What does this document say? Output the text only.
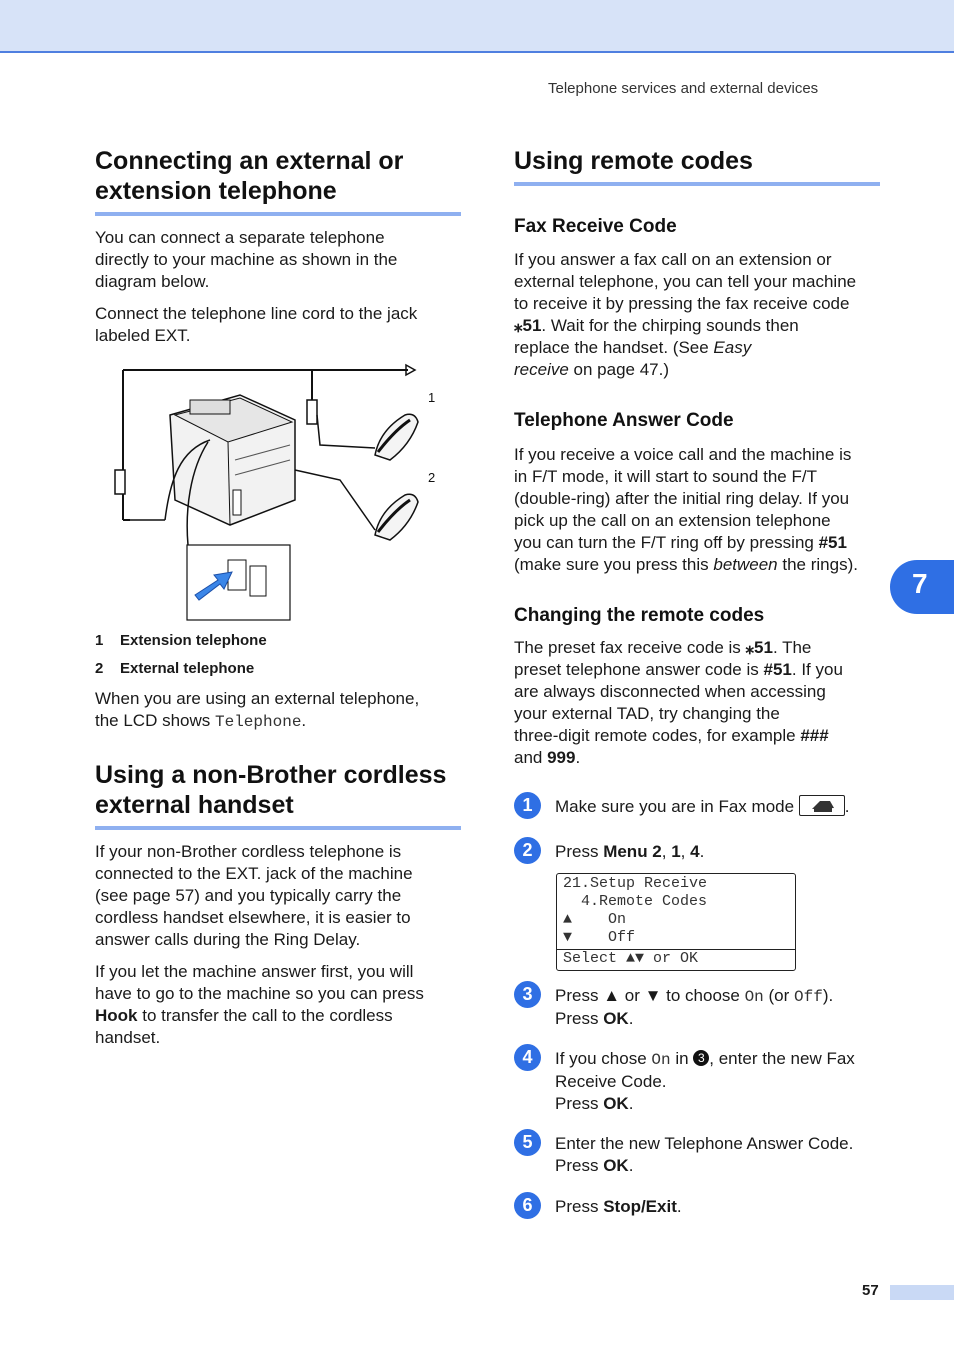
Telephone services and external devices
Connecting an external or
extension telephone

You can connect a separate telephone

directly to your machine as shown in the

diagram below.

Connect the telephone line cord to the jack

labeled EXT.

1
2
1 Extension telephone
2 External telephone

When you are using an external telephone,

the LCD shows Telephone.

Using a non-Brother cordless
external handset

If your non-Brother cordless telephone is

connected to the EXT. jack of the machine

(see page 57) and you typically carry the

cordless handset elsewhere, it is easier to

answer calls during the Ring Delay.

If you let the machine answer first, you will

have to go to the machine so you can press

Hook to transfer the call to the cordless

handset.

Using remote codes
Fax Receive Code

If you answer a fax call on an extension or

external telephone, you can tell your machine

to receive it by pressing the fax receive code

⁎51. Wait for the chirping sounds then

replace the handset. (See Easy

receive on page 47.)

Telephone Answer Code

If you receive a voice call and the machine is

in F/T mode, it will start to sound the F/T

(double-ring) after the initial ring delay. If you

pick up the call on an extension telephone

you can turn the F/T ring off by pressing #51

(make sure you press this between the rings).

Changing the remote codes

The preset fax receive code is ⁎51. The

preset telephone answer code is #51. If you

are always disconnected when accessing

your external TAD, try changing the

three-digit remote codes, for example ###

and 999.

1	Make sure you are in Fax mode	.
2	Press Menu 2, 1, 4.
21.Setup Receive
4.Remote Codes
▲    On
▼    Off
Select ▲▼ or OK
3	Press ▲ or ▼ to choose On (or Off).

Press OK.

4	If you chose On in 3 , enter the new Fax

Receive Code.

Press OK.

5	Enter the new Telephone Answer Code.

Press OK.

6	Press Stop/Exit.
7
57
